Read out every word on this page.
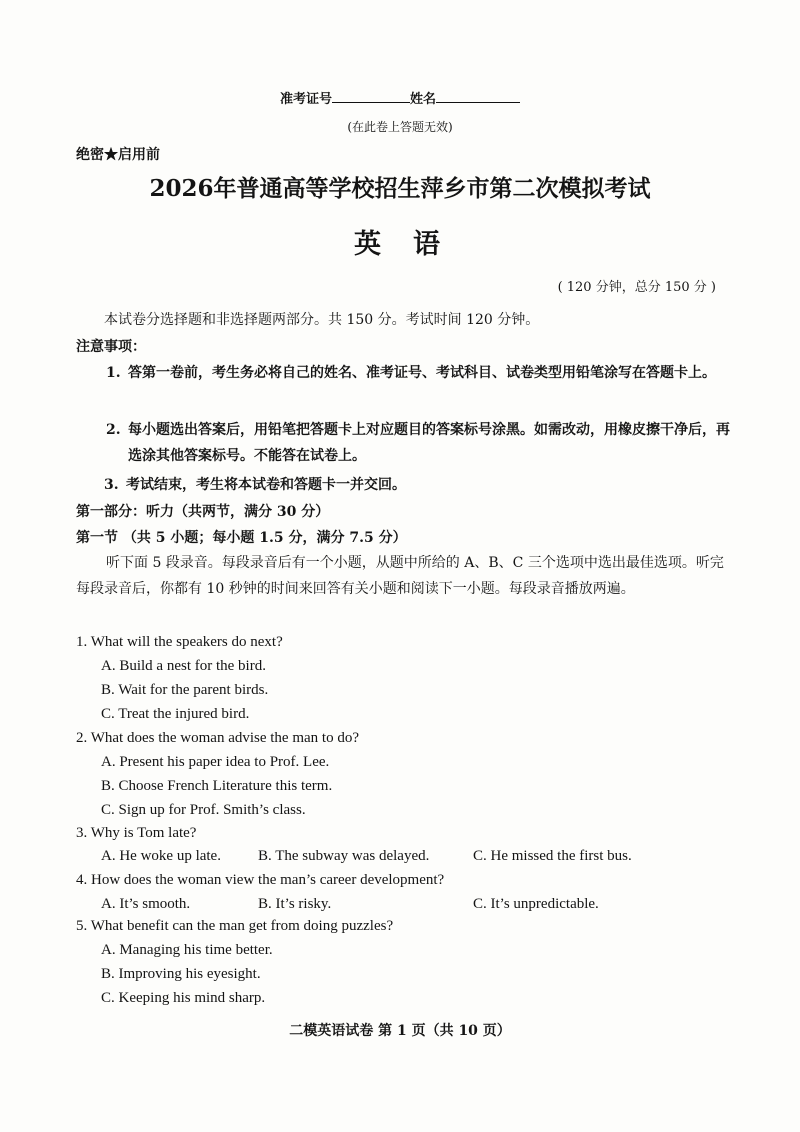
准考证号	姓名
(在此卷上答题无效)
绝密★启用前
2026年普通高等学校招生萍乡市第二次模拟考试
英 语
( 120 分钟，总分 150 分 )
本试卷分选择题和非选择题两部分。共 150 分。考试时间 120 分钟。
注意事项：
1. 答第一卷前，考生务必将自己的姓名、准考证号、考试科目、试卷类型用铅笔涂写在答题卡上。
2. 每小题选出答案后，用铅笔把答题卡上对应题目的答案标号涂黑。如需改动，用橡皮擦干净后，再选涂其他答案标号。不能答在试卷上。
3. 考试结束，考生将本试卷和答题卡一并交回。
第一部分：听力（共两节，满分 30 分）
第一节 （共 5 小题；每小题 1.5 分，满分 7.5 分）
听下面 5 段录音。每段录音后有一个小题，从题中所给的 A、B、C 三个选项中选出最佳选项。听完每段录音后，你都有 10 秒钟的时间来回答有关小题和阅读下一小题。每段录音播放两遍。
1. What will the speakers do next?
A. Build a nest for the bird.
B. Wait for the parent birds.
C. Treat the injured bird.
2. What does the woman advise the man to do?
A. Present his paper idea to Prof. Lee.
B. Choose French Literature this term.
C. Sign up for Prof. Smith’s class.
3. Why is Tom late?
A. He woke up late. B. The subway was delayed.	C. He missed the first bus.
4. How does the woman view the man’s career development?
A. It’s smooth.	B. It’s risky.	C. It’s unpredictable.
5. What benefit can the man get from doing puzzles?
A. Managing his time better.
B. Improving his eyesight.
C. Keeping his mind sharp.
二模英语试卷 第 1 页（共 10 页）
